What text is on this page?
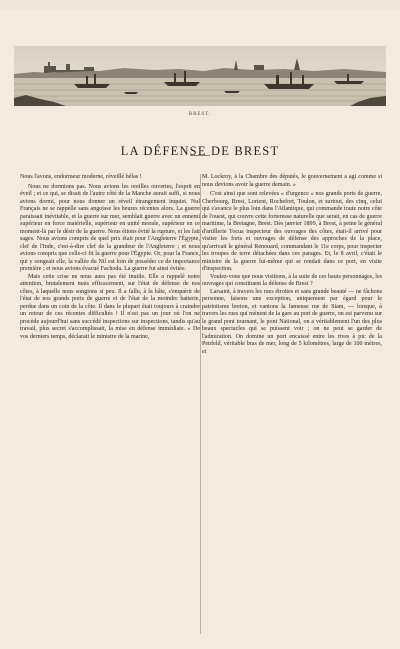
BREST.
LA DÉFENSE DE BREST

Nous l'avons, endormeur moderne, réveillé hélas !

Nous ne dormions pas. Nous avions les oreilles ouvertes, l'esprit en éveil ; et ce qui, se disait de l'autre côté de la Manche aurait suffi, si nous avions dormi, pour nous donner un réveil étrangement inquiet. Nul Français ne se rappelle sans angoisse les heures récentes alors. La guerre paraissait inévitable, et la guerre sur mer, semblait guerre avec un ennemi supérieur en force matérielle, supérieur en unité morale, supérieur en ce moment-là par le désir de la guerre. Nous étions évité la rupture, et les fait sages. Nous avions compris de quel prix était pour l'Angleterre l'Égypte, clef de l'Inde, c'est-à-dire clef de la grandeur de l'Angleterre ; et nous avions compris que celle-ci fit la guerre pour l'Égypte. Or, pour la France, qui y songeait elle, la vallée du Nil est loin de posséder ce de importance première ; et nous avions évacué Fachoda. La guerre fut ainsi évitée.

Mais cette crise ne nous aura pas été inutile. Elle a rappelé notre attention, brutalement mais efficacement, sur l'état de défense de nos côtes, à laquelle nous songions si peu. Il a fallu, à la hâte, s'enquérir de l'état de nos grands ports de guerre et de l'état de la moindre batterie, perdue dans un coin de la côte. Il dans le plupart était toujours à craindre un retour de ces récentes difficultés ! Il n'est pas un jour où l'on ne procède aujourd'hui sans succédé inspections sur inspections, tandis qu'au travail, plus secret s'accomplissait, la mise en défense immédiate. « De vos derniers temps, déclarait le ministre de la marine,

M. Lockroy, à la Chambre des députés, le gouvernement a agi comme si nous devions avoir la guerre demain. »

C'est ainsi que sont relevées « d'urgence » nos grands ports de guerre, Cherbourg, Brest, Lorient, Rochefort, Toulon, et surtout, des cinq, celui qui s'avance le plus loin dans l'Atlantique, qui commande toute notre côte de l'ouest, qui couvre cette forteresse naturelle que serait, en cas de guerre maritime, la Bretagne, Brest. Dès janvier 1899, à Brest, à peine le général d'artillerie Tocua inspecteur des ouvrages des côtes, était-il arrivé pour visiter les forts et ouvrages de défense des approches de la place, qu'arrivait le général Renouard, commandant le 11e corps, pour inspecter les troupes de terre détachées dans ces parages. Et, le 8 avril, c'était le ministre de la guerre lui-même qui se rendait dans ce port, en visite d'inspection.

Voulez-vous que nous visitions, à la suite de ces hauts personnages, les ouvrages qui constituent la défense de Brest ?

Larsaint, à travers les rues étroites et sans grande beauté — ne fâchons personne, faisons une exception, uniquement par égard pour le patriotisme breton, et vantons la fameuse rue de Siam, — lorsque, à travers les rues qui mènent de la gare au port de guerre, on est parvenu sur le grand pont tournant, le pont National, on a véritablement l'un des plus beaux spectacles qui se puissent voir ; on ne peut se garder de l'admiration. On domine un port encaissé entre les rives à pic de la Penfeld, véritable bras de mer, long de 5 kilomètres, large de 100 mètres, et
